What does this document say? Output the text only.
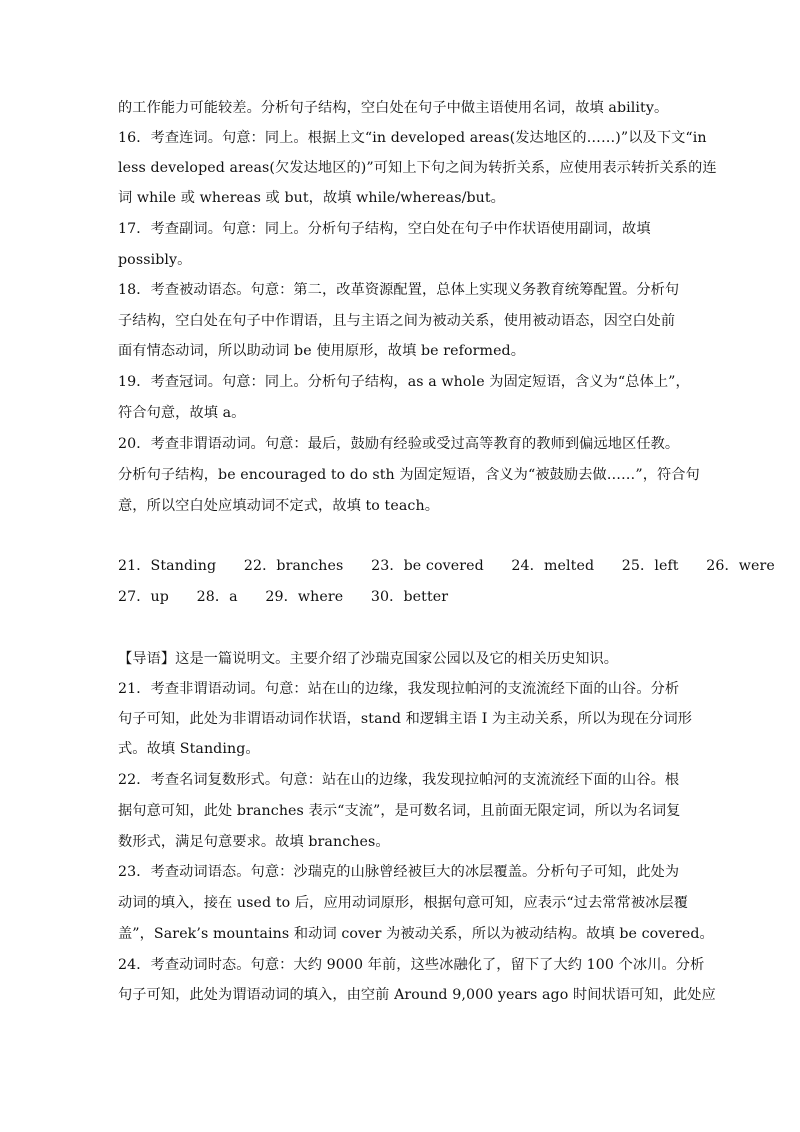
的工作能力可能较差。分析句子结构，空白处在句子中做主语使用名词，故填 ability。
16．考查连词。句意：同上。根据上文“in developed areas(发达地区的……)”以及下文“in
less developed areas(欠发达地区的)”可知上下句之间为转折关系，应使用表示转折关系的连
词 while 或 whereas 或 but，故填 while/whereas/but。
17．考查副词。句意：同上。分析句子结构，空白处在句子中作状语使用副词，故填
possibly。
18．考查被动语态。句意：第二，改革资源配置，总体上实现义务教育统筹配置。分析句
子结构，空白处在句子中作谓语，且与主语之间为被动关系，使用被动语态，因空白处前
面有情态动词，所以助动词 be 使用原形，故填 be reformed。
19．考查冠词。句意：同上。分析句子结构，as a whole 为固定短语，含义为“总体上”，
符合句意，故填 a。
20．考查非谓语动词。句意：最后，鼓励有经验或受过高等教育的教师到偏远地区任教。
分析句子结构，be encouraged to do sth 为固定短语，含义为“被鼓励去做……”，符合句
意，所以空白处应填动词不定式，故填 to teach。
21．Standing      22．branches      23．be covered      24．melted      25．left      26．were
27．up      28．a      29．where      30．better
【导语】这是一篇说明文。主要介绍了沙瑞克国家公园以及它的相关历史知识。
21．考查非谓语动词。句意：站在山的边缘，我发现拉帕河的支流流经下面的山谷。分析
句子可知，此处为非谓语动词作状语，stand 和逻辑主语 I 为主动关系，所以为现在分词形
式。故填 Standing。
22．考查名词复数形式。句意：站在山的边缘，我发现拉帕河的支流流经下面的山谷。根
据句意可知，此处 branches 表示“支流”，是可数名词，且前面无限定词，所以为名词复
数形式，满足句意要求。故填 branches。
23．考查动词语态。句意：沙瑞克的山脉曾经被巨大的冰层覆盖。分析句子可知，此处为
动词的填入，接在 used to 后，应用动词原形，根据句意可知，应表示“过去常常被冰层覆
盖”，Sarek’s mountains 和动词 cover 为被动关系，所以为被动结构。故填 be covered。
24．考查动词时态。句意：大约 9000 年前，这些冰融化了，留下了大约 100 个冰川。分析
句子可知，此处为谓语动词的填入，由空前 Around 9,000 years ago 时间状语可知，此处应
